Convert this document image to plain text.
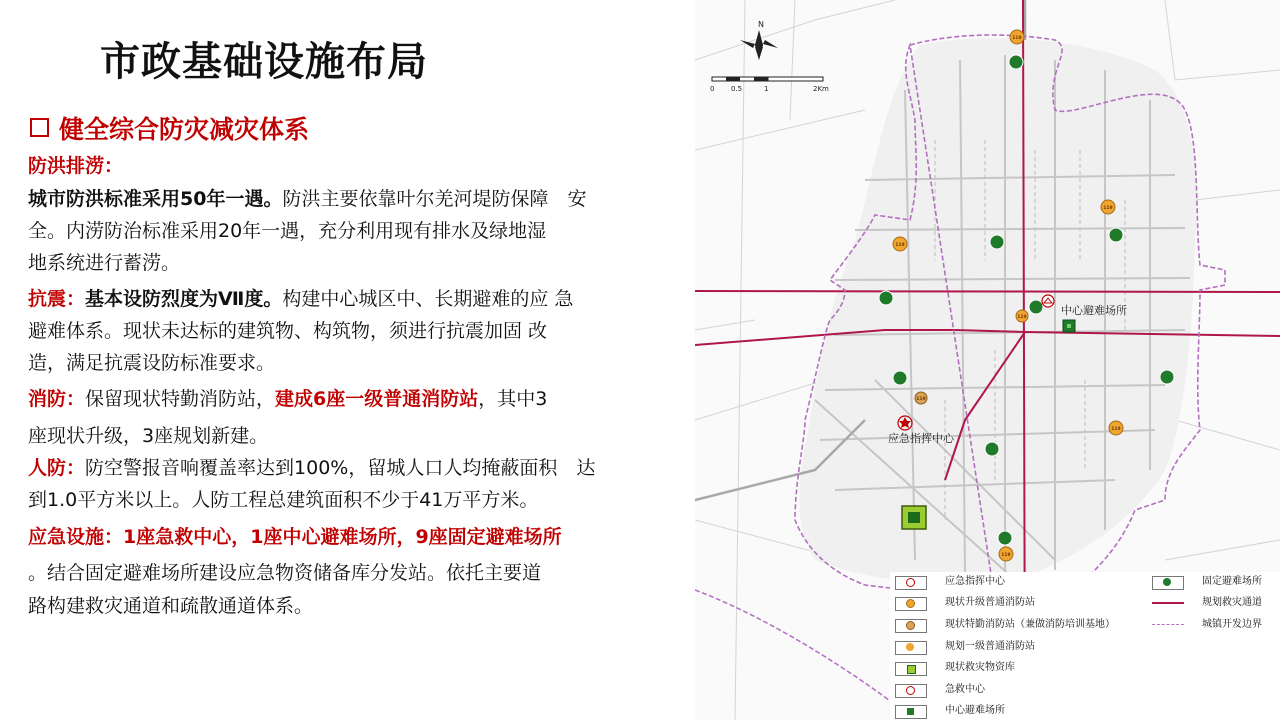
市政基础设施布局
健全综合防灾减灾体系
防洪排涝：
城市防洪标准采用50年一遇。防洪主要依靠叶尔羌河堤防保障　安
全。内涝防治标准采用20年一遇，充分利用现有排水及绿地湿
地系统进行蓄涝。
抗震：基本设防烈度为Ⅶ度。构建中心城区中、长期避难的应 急
避难体系。现状未达标的建筑物、构筑物，须进行抗震加固 改
造，满足抗震设防标准要求。
消防：保留现状特勤消防站，建成6座一级普通消防站，其中3
座现状升级，3座规划新建。
人防：防空警报音响覆盖率达到100%，留城人口人均掩蔽面积　达
到1.0平方米以上。人防工程总建筑面积不少于41万平方米。
应急设施：1座急救中心，1座中心避难场所，9座固定避难场所
。结合固定避难场所建设应急物资储备库分发站。依托主要道
路构建救灾通道和疏散通道体系。
N
0 0.5	1	2Km
119
119
119
119
119
119
119
中心避难场所
应急指挥中心
应急指挥中心
现状升级普通消防站
现状特勤消防站（兼做消防培训基地）
规划一级普通消防站
现状救灾物资库
急救中心
中心避难场所
固定避难场所
规划救灾通道
城镇开发边界
